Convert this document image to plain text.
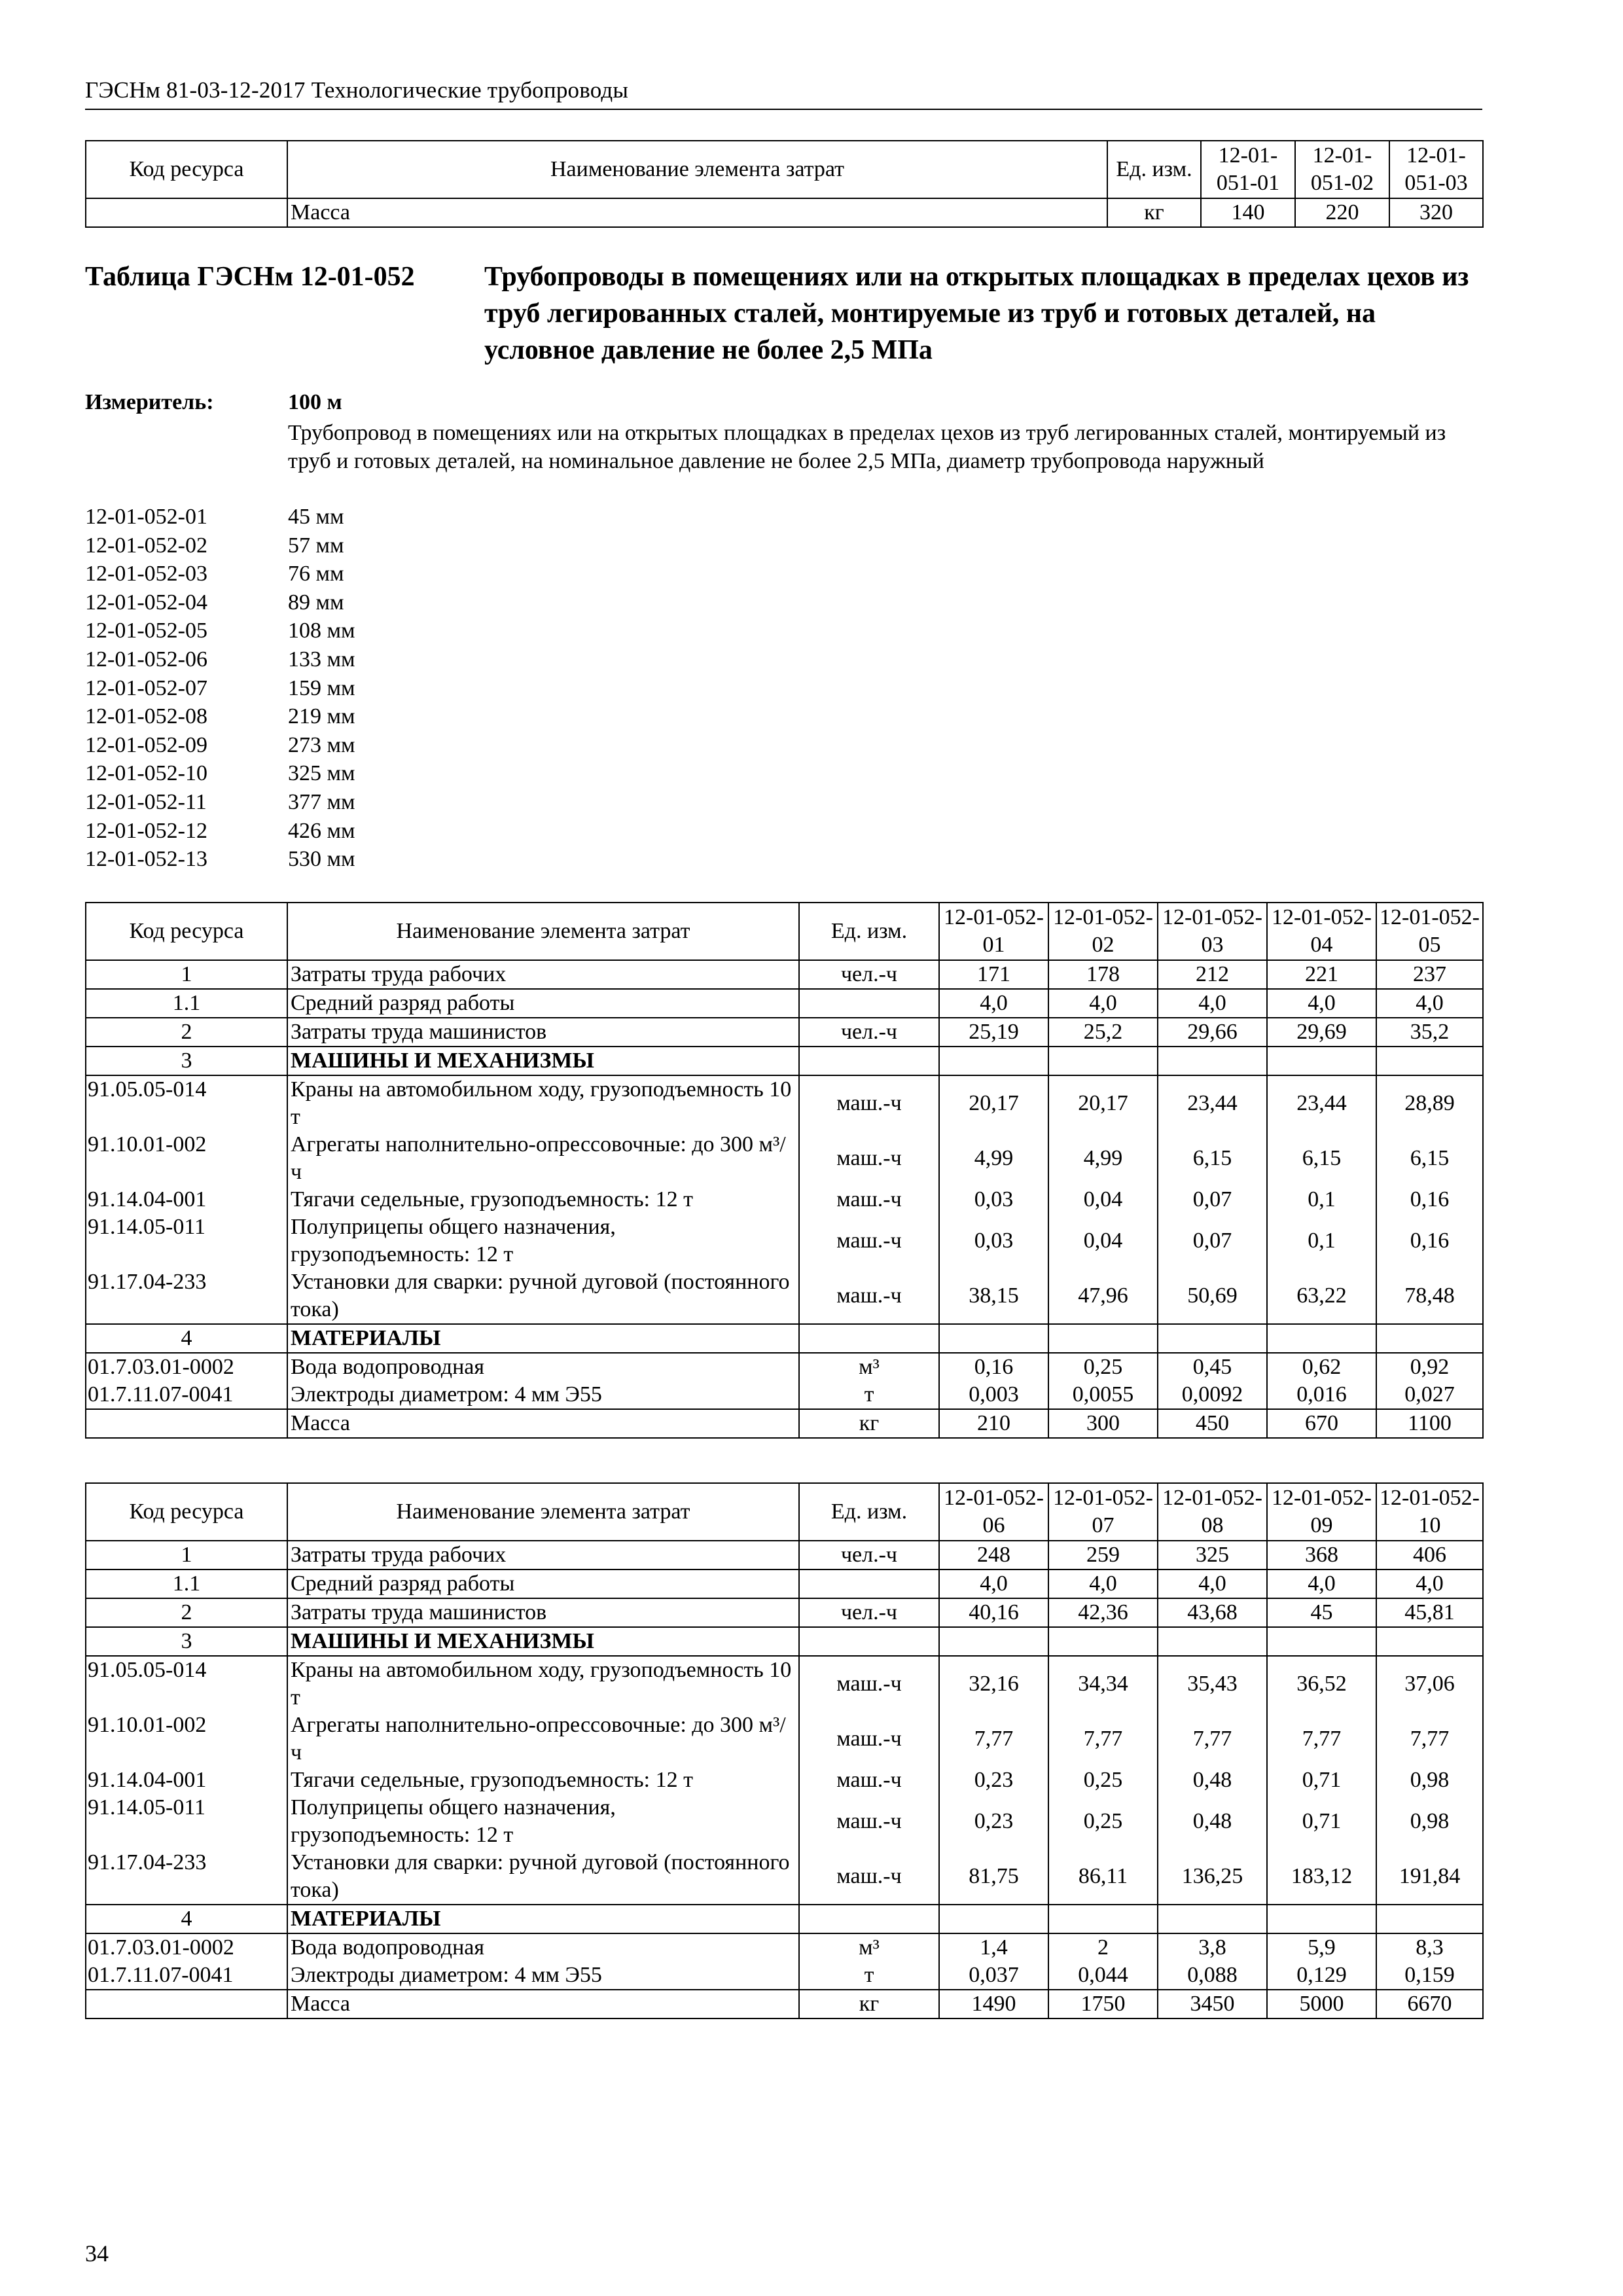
ГЭСНм 81-03-12-2017 Технологические трубопроводы
Код ресурса	Наименование элемента затрат	Ед. изм.	12-01-051-01	12-01-051-02	12-01-051-03
	Масса	кг	140	220	320
Таблица ГЭСНм 12-01-052	Трубопроводы в помещениях или на открытых площадках в пределах цехов из труб легированных сталей, монтируемые из труб и готовых деталей, на условное давление не более 2,5 МПа
Измеритель:	100 м
Трубопровод в помещениях или на открытых площадках в пределах цехов из труб легированных сталей, монтируемый из труб и готовых деталей, на номинальное давление не более 2,5 МПа, диаметр трубопровода наружный
12-01-052-01	45 мм
12-01-052-02	57 мм
12-01-052-03	76 мм
12-01-052-04	89 мм
12-01-052-05	108 мм
12-01-052-06	133 мм
12-01-052-07	159 мм
12-01-052-08	219 мм
12-01-052-09	273 мм
12-01-052-10	325 мм
12-01-052-11	377 мм
12-01-052-12	426 мм
12-01-052-13	530 мм
Код ресурса	Наименование элемента затрат	Ед. изм.	12-01-052-01	12-01-052-02	12-01-052-03	12-01-052-04	12-01-052-05
1	Затраты труда рабочих	чел.-ч	171	178	212	221	237
1.1	Средний разряд работы		4,0	4,0	4,0	4,0	4,0
2	Затраты труда машинистов	чел.-ч	25,19	25,2	29,66	29,69	35,2
3	МАШИНЫ И МЕХАНИЗМЫ						
91.05.05-014	Краны на автомобильном ходу, грузоподъемность 10 т	маш.-ч	20,17	20,17	23,44	23,44	28,89
91.10.01-002	Агрегаты наполнительно-опрессовочные: до 300 м³/ч	маш.-ч	4,99	4,99	6,15	6,15	6,15
91.14.04-001	Тягачи седельные, грузоподъемность: 12 т	маш.-ч	0,03	0,04	0,07	0,1	0,16
91.14.05-011	Полуприцепы общего назначения, грузоподъемность: 12 т	маш.-ч	0,03	0,04	0,07	0,1	0,16
91.17.04-233	Установки для сварки: ручной дуговой (постоянного тока)	маш.-ч	38,15	47,96	50,69	63,22	78,48
4	МАТЕРИАЛЫ						
01.7.03.01-0002	Вода водопроводная	м³	0,16	0,25	0,45	0,62	0,92
01.7.11.07-0041	Электроды диаметром: 4 мм Э55	т	0,003	0,0055	0,0092	0,016	0,027
	Масса	кг	210	300	450	670	1100
Код ресурса	Наименование элемента затрат	Ед. изм.	12-01-052-06	12-01-052-07	12-01-052-08	12-01-052-09	12-01-052-10
1	Затраты труда рабочих	чел.-ч	248	259	325	368	406
1.1	Средний разряд работы		4,0	4,0	4,0	4,0	4,0
2	Затраты труда машинистов	чел.-ч	40,16	42,36	43,68	45	45,81
3	МАШИНЫ И МЕХАНИЗМЫ						
91.05.05-014	Краны на автомобильном ходу, грузоподъемность 10 т	маш.-ч	32,16	34,34	35,43	36,52	37,06
91.10.01-002	Агрегаты наполнительно-опрессовочные: до 300 м³/ч	маш.-ч	7,77	7,77	7,77	7,77	7,77
91.14.04-001	Тягачи седельные, грузоподъемность: 12 т	маш.-ч	0,23	0,25	0,48	0,71	0,98
91.14.05-011	Полуприцепы общего назначения, грузоподъемность: 12 т	маш.-ч	0,23	0,25	0,48	0,71	0,98
91.17.04-233	Установки для сварки: ручной дуговой (постоянного тока)	маш.-ч	81,75	86,11	136,25	183,12	191,84
4	МАТЕРИАЛЫ						
01.7.03.01-0002	Вода водопроводная	м³	1,4	2	3,8	5,9	8,3
01.7.11.07-0041	Электроды диаметром: 4 мм Э55	т	0,037	0,044	0,088	0,129	0,159
	Масса	кг	1490	1750	3450	5000	6670
34
